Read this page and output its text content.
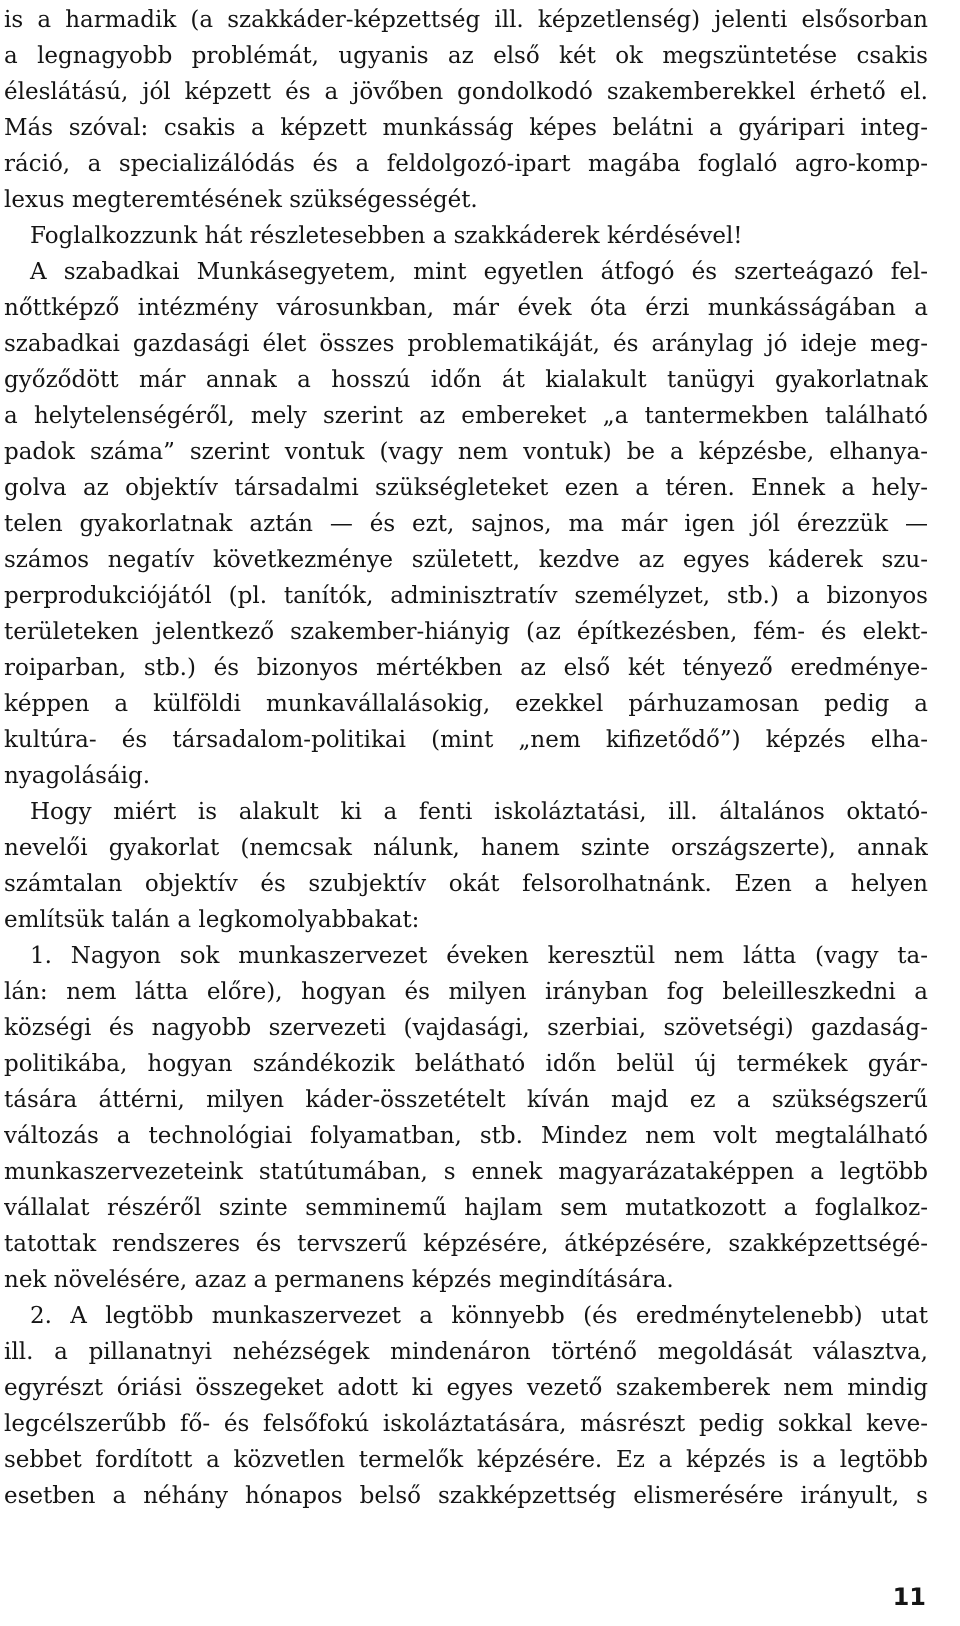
is a harmadik (a szakkáder-képzettség ill. képzetlenség) jelenti elsősorban
a legnagyobb problémát, ugyanis az első két ok megszüntetése csakis
éleslátású, jól képzett és a jövőben gondolkodó szakemberekkel érhető el.
Más szóval: csakis a képzett munkásság képes belátni a gyáripari integ-
ráció, a specializálódás és a feldolgozó-ipart magába foglaló agro-komp-
lexus megteremtésének szükségességét.
Foglalkozzunk hát részletesebben a szakkáderek kérdésével!
A szabadkai Munkásegyetem, mint egyetlen átfogó és szerteágazó fel-
nőttképző intézmény városunkban, már évek óta érzi munkásságában a
szabadkai gazdasági élet összes problematikáját, és aránylag jó ideje meg-
győződött már annak a hosszú időn át kialakult tanügyi gyakorlatnak
a helytelenségéről, mely szerint az embereket „a tantermekben található
padok száma” szerint vontuk (vagy nem vontuk) be a képzésbe, elhanya-
golva az objektív társadalmi szükségleteket ezen a téren. Ennek a hely-
telen gyakorlatnak aztán — és ezt, sajnos, ma már igen jól érezzük —
számos negatív következménye született, kezdve az egyes káderek szu-
perprodukciójától (pl. tanítók, adminisztratív személyzet, stb.) a bizonyos
területeken jelentkező szakember-hiányig (az építkezésben, fém- és elekt-
roiparban, stb.) és bizonyos mértékben az első két tényező eredménye-
képpen a külföldi munkavállalásokig, ezekkel párhuzamosan pedig a
kultúra- és társadalom-politikai (mint „nem kifizetődő”) képzés elha-
nyagolásáig.
Hogy miért is alakult ki a fenti iskoláztatási, ill. általános oktató-
nevelői gyakorlat (nemcsak nálunk, hanem szinte országszerte), annak
számtalan objektív és szubjektív okát felsorolhatnánk. Ezen a helyen
említsük talán a legkomolyabbakat:
1. Nagyon sok munkaszervezet éveken keresztül nem látta (vagy ta-
lán: nem látta előre), hogyan és milyen irányban fog beleilleszkedni a
községi és nagyobb szervezeti (vajdasági, szerbiai, szövetségi) gazdaság-
politikába, hogyan szándékozik belátható időn belül új termékek gyár-
tására áttérni, milyen káder-összetételt kíván majd ez a szükségszerű
változás a technológiai folyamatban, stb. Mindez nem volt megtalálható
munkaszervezeteink statútumában, s ennek magyarázataképpen a legtöbb
vállalat részéről szinte semminemű hajlam sem mutatkozott a foglalkoz-
tatottak rendszeres és tervszerű képzésére, átképzésére, szakképzettségé-
nek növelésére, azaz a permanens képzés megindítására.
2. A legtöbb munkaszervezet a könnyebb (és eredménytelenebb) utat
ill. a pillanatnyi nehézségek mindenáron történő megoldását választva,
egyrészt óriási összegeket adott ki egyes vezető szakemberek nem mindig
legcélszerűbb fő- és felsőfokú iskoláztatására, másrészt pedig sokkal keve-
sebbet fordított a közvetlen termelők képzésére. Ez a képzés is a legtöbb
esetben a néhány hónapos belső szakképzettség elismerésére irányult, s
11
